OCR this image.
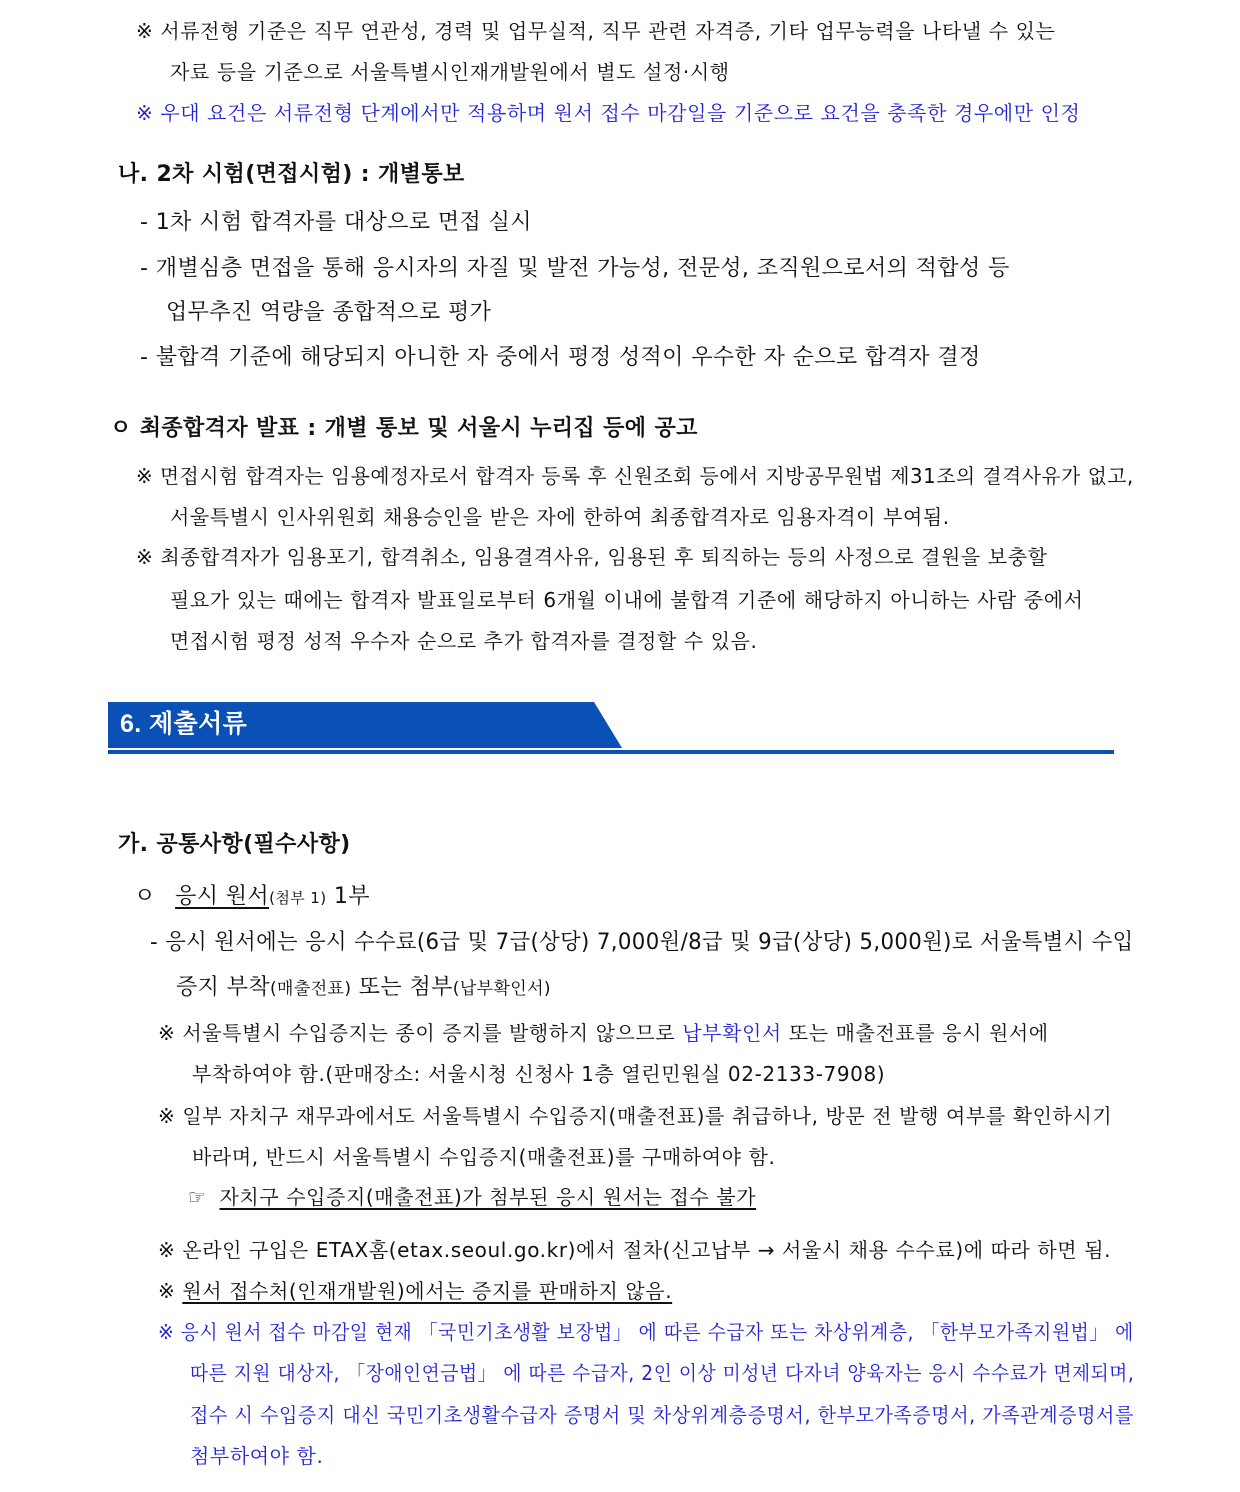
※ 서류전형 기준은 직무 연관성, 경력 및 업무실적, 직무 관련 자격증, 기타 업무능력을 나타낼 수 있는
자료 등을 기준으로 서울특별시인재개발원에서 별도 설정·시행
※ 우대 요건은 서류전형 단계에서만 적용하며 원서 접수 마감일을 기준으로 요건을 충족한 경우에만 인정
나. 2차 시험(면접시험) : 개별통보
- 1차 시험 합격자를 대상으로 면접 실시
- 개별심층 면접을 통해 응시자의 자질 및 발전 가능성, 전문성, 조직원으로서의 적합성 등
업무추진 역량을 종합적으로 평가
- 불합격 기준에 해당되지 아니한 자 중에서 평정 성적이 우수한 자 순으로 합격자 결정
ㅇ 최종합격자 발표 : 개별 통보 및 서울시 누리집 등에 공고
※ 면접시험 합격자는 임용예정자로서 합격자 등록 후 신원조회 등에서 지방공무원법 제31조의 결격사유가 없고,
서울특별시 인사위원회 채용승인을 받은 자에 한하여 최종합격자로 임용자격이 부여됨.
※ 최종합격자가 임용포기, 합격취소, 임용결격사유, 임용된 후 퇴직하는 등의 사정으로 결원을 보충할
필요가 있는 때에는 합격자 발표일로부터 6개월 이내에 불합격 기준에 해당하지 아니하는 사람 중에서
면접시험 평정 성적 우수자 순으로 추가 합격자를 결정할 수 있음.
6. 제출서류
가. 공통사항(필수사항)
ㅇ 응시 원서(첨부 1) 1부
- 응시 원서에는 응시 수수료(6급 및 7급(상당) 7,000원/8급 및 9급(상당) 5,000원)로 서울특별시 수입
증지 부착(매출전표) 또는 첨부(납부확인서)
※ 서울특별시 수입증지는 종이 증지를 발행하지 않으므로 납부확인서 또는 매출전표를 응시 원서에
부착하여야 함.(판매장소: 서울시청 신청사 1층 열린민원실 02-2133-7908)
※ 일부 자치구 재무과에서도 서울특별시 수입증지(매출전표)를 취급하나, 방문 전 발행 여부를 확인하시기
바라며, 반드시 서울특별시 수입증지(매출전표)를 구매하여야 함.
☞ 자치구 수입증지(매출전표)가 첨부된 응시 원서는 접수 불가
※ 온라인 구입은 ETAX홈(etax.seoul.go.kr)에서 절차(신고납부 → 서울시 채용 수수료)에 따라 하면 됨.
※ 원서 접수처(인재개발원)에서는 증지를 판매하지 않음.
※ 응시 원서 접수 마감일 현재 「국민기초생활 보장법」 에 따른 수급자 또는 차상위계층, 「한부모가족지원법」 에
따른 지원 대상자, 「장애인연금법」 에 따른 수급자, 2인 이상 미성년 다자녀 양육자는 응시 수수료가 면제되며,
접수 시 수입증지 대신 국민기초생활수급자 증명서 및 차상위계층증명서, 한부모가족증명서, 가족관계증명서를
첨부하여야 함.
